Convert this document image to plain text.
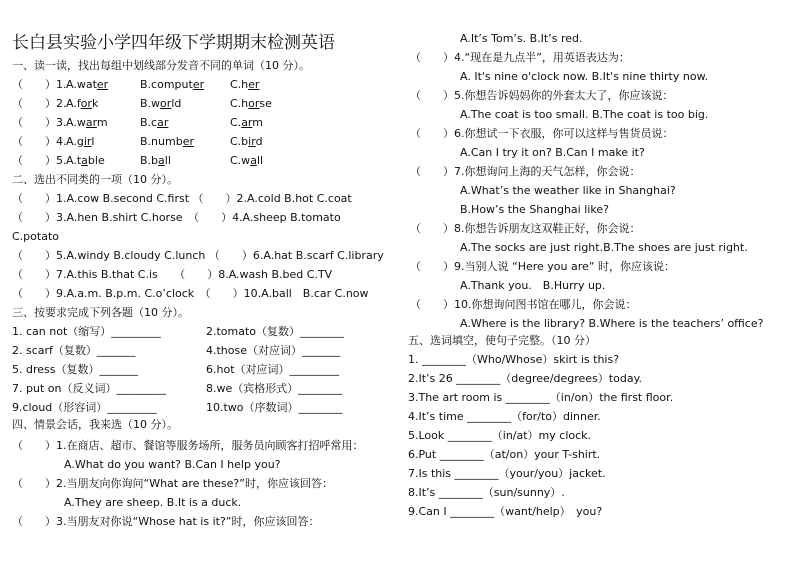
长白县实验小学四年级下学期期末检测英语
一、读一读，找出每组中划线部分发音不同的单词（10 分）。
（　　）1. A.water	B.computer C.her
（　　）2. A.fork	B.world	C.horse
（　　）3. A.warm	B.car	C.arm
（　　）4. A.girl	B.number	C.bird
（　　）5. A.table	B.ball	C.wall
二、选出不同类的一项（10 分）。
（　　）1.A.cow B.second C.first （　　）2.A.cold B.hot C.coat
（　　）3.A.hen B.shirt C.horse　（　　）4.A.sheep B.tomato
C.potato
（　　）5.A.windy B.cloudy C.lunch （　　）6.A.hat B.scarf C.library
（　　）7.A.this B.that C.is　　（　　）8.A.wash B.bed C.TV
（　　）9.A.a.m. B.p.m. C.o’clock　（　　）10.A.ball　B.car C.now
三、按要求完成下列各题（10 分）。
1. can not（缩写）_________	2.tomato（复数）________
2. scarf（复数）_______	4.those（对应词）_______
5. dress（复数）_______	6.hot（对应词）_________
7. put on（反义词）_________	8.we（宾格形式）________
9.cloud（形容词）_________	10.two（序数词）________
四、情景会话，我来选（10 分）。
（　　）1.在商店、超市、餐馆等服务场所，服务员向顾客打招呼常用：
A.What do you want? B.Can I help you?
（　　）2.当朋友向你询问“What are these?”时，你应该回答：
A.They are sheep. B.It is a duck.
（　　）3.当朋友对你说“Whose hat is it?”时，你应该回答：
A.It’s Tom’s. B.It’s red.
（　　）4.“现在是九点半”，用英语表达为：
A. It's nine o'clock now. B.It's nine thirty now.
（　　）5.你想告诉妈妈你的外套太大了，你应该说：
A.The coat is too small. B.The coat is too big.
（　　）6.你想试一下衣服，你可以这样与售货员说：
A.Can I try it on? B.Can I make it?
（　　）7.你想询问上海的天气怎样，你会说：
A.What’s the weather like in Shanghai?
B.How’s the Shanghai like?
（　　）8.你想告诉朋友这双鞋正好，你会说：
A.The socks are just right.B.The shoes are just right.
（　　）9.当别人说 “Here you are” 时，你应该说：
A.Thank you.　B.Hurry up.
（　　）10.你想询问图书馆在哪儿，你会说：
A.Where is the library? B.Where is the teachers’ office?
五、选词填空，使句子完整。（10 分）
1. ________（Who/Whose）skirt is this?
2.It’s 26 ________（degree/degrees）today.
3.The art room is ________（in/on）the first floor.
4.It’s time ________（for/to）dinner.
5.Look ________（in/at）my clock.
6.Put ________（at/on）your T-shirt.
7.Is this ________（your/you）jacket.
8.It’s ________（sun/sunny）.
9.Can I ________（want/help）　you?
